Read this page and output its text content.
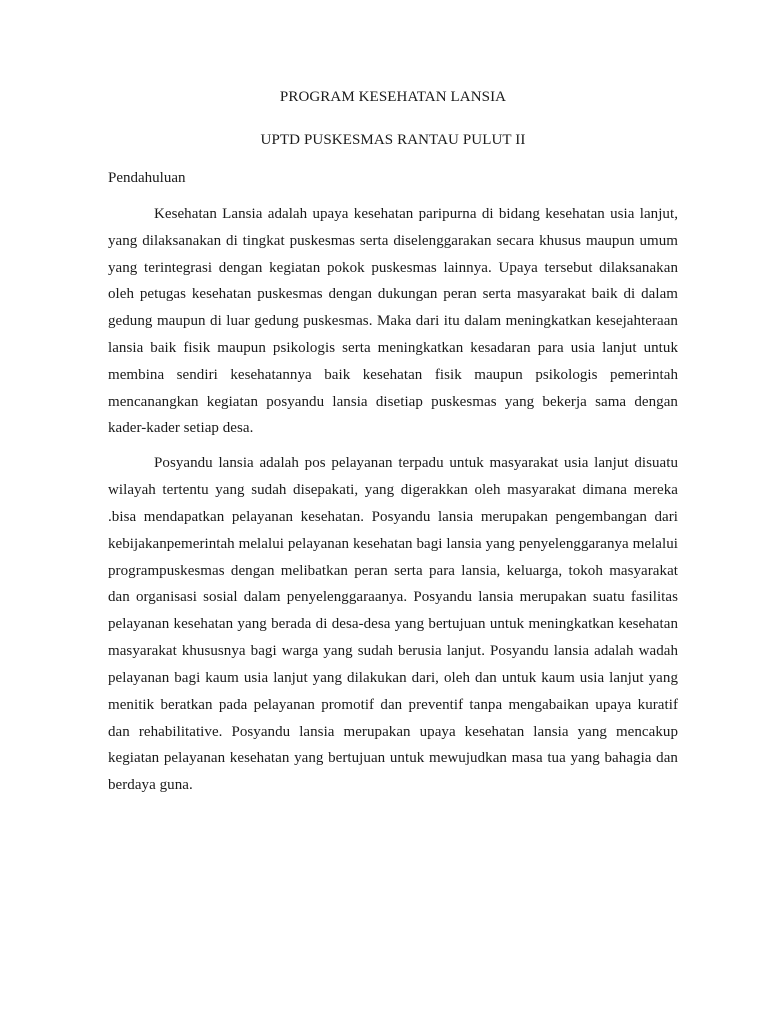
PROGRAM KESEHATAN LANSIA
UPTD PUSKESMAS RANTAU PULUT II
Pendahuluan

Kesehatan Lansia adalah upaya kesehatan paripurna di bidang kesehatan usia lanjut, yang dilaksanakan di tingkat puskesmas serta diselenggarakan secara khusus maupun umum yang terintegrasi dengan kegiatan pokok puskesmas lainnya. Upaya tersebut dilaksanakan oleh petugas kesehatan puskesmas dengan dukungan peran serta masyarakat baik di dalam gedung maupun di luar gedung puskesmas. Maka dari itu dalam meningkatkan kesejahteraan lansia baik fisik maupun psikologis serta meningkatkan kesadaran para usia lanjut untuk membina sendiri kesehatannya baik kesehatan fisik maupun psikologis pemerintah mencanangkan kegiatan posyandu lansia disetiap puskesmas yang bekerja sama dengan kader-kader setiap desa.

Posyandu lansia adalah pos pelayanan terpadu untuk masyarakat usia lanjut disuatu wilayah tertentu yang sudah disepakati, yang digerakkan oleh masyarakat dimana mereka .bisa mendapatkan pelayanan kesehatan. Posyandu lansia merupakan pengembangan dari kebijakanpemerintah melalui pelayanan kesehatan bagi lansia yang penyelenggaranya melalui programpuskesmas dengan melibatkan peran serta para lansia, keluarga, tokoh masyarakat dan organisasi sosial dalam penyelenggaraanya. Posyandu lansia merupakan suatu fasilitas pelayanan kesehatan yang berada di desa-desa yang bertujuan untuk meningkatkan kesehatan masyarakat khususnya bagi warga yang sudah berusia lanjut. Posyandu lansia adalah wadah pelayanan bagi kaum usia lanjut yang dilakukan dari, oleh dan untuk kaum usia lanjut yang menitik beratkan pada pelayanan promotif dan preventif tanpa mengabaikan upaya kuratif dan rehabilitative. Posyandu lansia merupakan upaya kesehatan lansia yang mencakup kegiatan pelayanan kesehatan yang bertujuan untuk mewujudkan masa tua yang bahagia dan berdaya guna.
